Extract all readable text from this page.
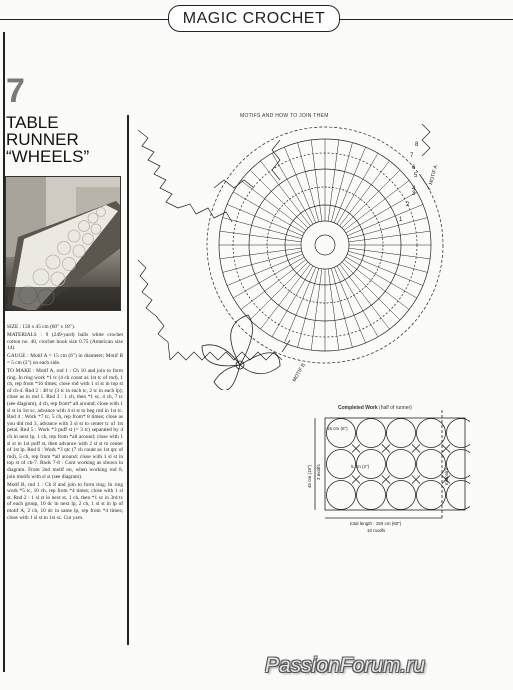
MAGIC CROCHET
7
TABLE
RUNNER
“WHEELS”

SIZE : 150 x 45 cm (60" x 18").

MATERIALS : 9 (249-yard) balls white crochet cotton no. 40, crochet hook size 0.75 (American size 14).

GAUGE : Motif A = 15 cm (6") in diameter; Motif B = 5 cm (2") on each side.

TO MAKE : Motif A, rnd 1 : Ch 10 and join to form ring. In ring work *1 tc (4 ch count as 1st tc of rnd), 1 ch, rep from *16 times; close rnd with 1 sl st in top st of ch-4. Rnd 2 : 48 tc (3 tc in each tc, 2 tc in each lp); close as in rnd 1. Rnd 3 : 1 ch, then *1 sc, 4 ch, 7 tc (see diagram), 4 ch, rep from* all around; close with 1 sl st in 1st sc, advance with 4 sl st to beg rnd in 1st tc. Rnd 4 : Work *7 tc, 5 ch, rep from* 8 times; close as you did rnd 3, advance with 3 sl st to center tc of 1st petal. Rnd 5 : Work *3 puff st (= 3 tc) separated by 4 ch in next lp, 1 ch, rep from *all around; close with 1 sl st in 1st puff st, then advance with 2 sl st to center of 1st lp. Rnd 6 : Work *3 qtc (7 ch count as 1st qtc of rnd), 5 ch, rep from *all around; close with 1 sl st in top st of ch-7. Rnds 7-8 : Cont working as shown in diagram. From 2nd motif on, when working rnd 8, join motifs with sl st (see diagram).

Motif B, rnd 1 : Ch 8 and join to form ring. In ring work *5 tc, 10 ch, rep from *4 times; close with 1 sl st. Rnd 2 : 1 sl st in next st, 1 ch, then *1 sc in 3rd tc of each group, 10 dc in next lp, 2 ch, 1 sl st in lp of motif A, 2 ch, 10 dc in same lp, rep from *4 times; close with 1 sl st in 1st sc. Cut yarn.

MOTIFS AND HOW TO JOIN THEM
8
7
6
5
4
3
2
1
MOTIF A
MOTIF B
Completed Work (half of runner)
15 cm (6")
5 cm (2")
45 cm (18") 3 motifs
total length : 150 cm (60")
10 motifs
midpoint
PassionForum.ru
